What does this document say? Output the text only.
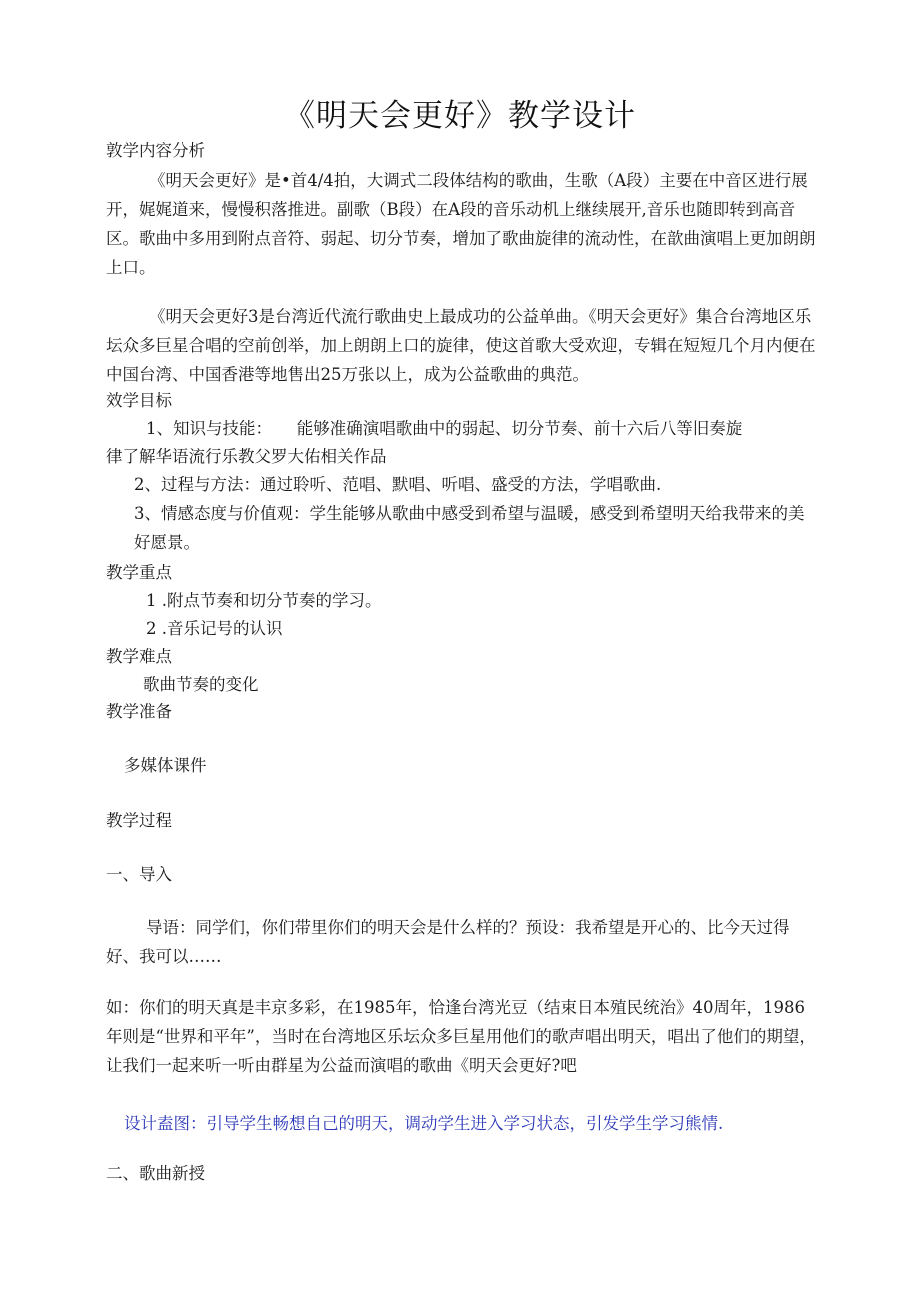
《明天会更好》教学设计
敦学内容分析

《明天会更好》是•首4/4拍，大调式二段体结构的歌曲，生歌（A段）主要在中音区进行展开，娓娓道来，慢慢积落推进。副歌（B段）在A段的音乐动机上继续展开,音乐也随即转到高音区。歌曲中多用到附点音符、弱起、切分节奏，增加了歌曲旋律的流动性，在歆曲演唱上更加朗朗上口。

《明天会更好3是台湾近代流行歌曲史上最成功的公益单曲。《明天会更好》集合台湾地区乐坛众多巨星合唱的空前创举，加上朗朗上口的旋律，使这首歌大受欢迎，专辑在短短几个月内便在中国台湾、中国香港等地售出25万张以上，成为公益歌曲的典范。

效学目标
1、知识与技能：　　能够准确演唱歌曲中的弱起、切分节奏、前十六后八等旧奏旋
律了解华语流行乐教父罗大佑相关作品
2、过程与方法：通过聆听、范唱、默唱、听唱、盛受的方法，学唱歌曲.

3、情感态度与价值观：学生能够从歌曲中感受到希望与温暖，感受到希望明天给我带来的美好愿景。

教学重点
1 .附点节奏和切分节奏的学习。
2 .音乐记号的认识
教学难点
歌曲节奏的变化
教学准备
多媒体课件
教学过程
一、导入

导语：同学们，你们带里你们的明天会是什么样的？预设：我希望是开心的、比今天过得好、我可以……

如：你们的明天真是丰京多彩，在1985年，恰逢台湾光豆（结束日本殖民统治》40周年，1986年则是“世界和平年”，当时在台湾地区乐坛众多巨星用他们的歌声唱出明天，唱出了他们的期望，让我们一起来听一听由群星为公益而演唱的歌曲《明天会更好?吧

设计盍图：引导学生畅想自己的明天，调动学生进入学习状态，引发学生学习熊情.
二、歌曲新授
